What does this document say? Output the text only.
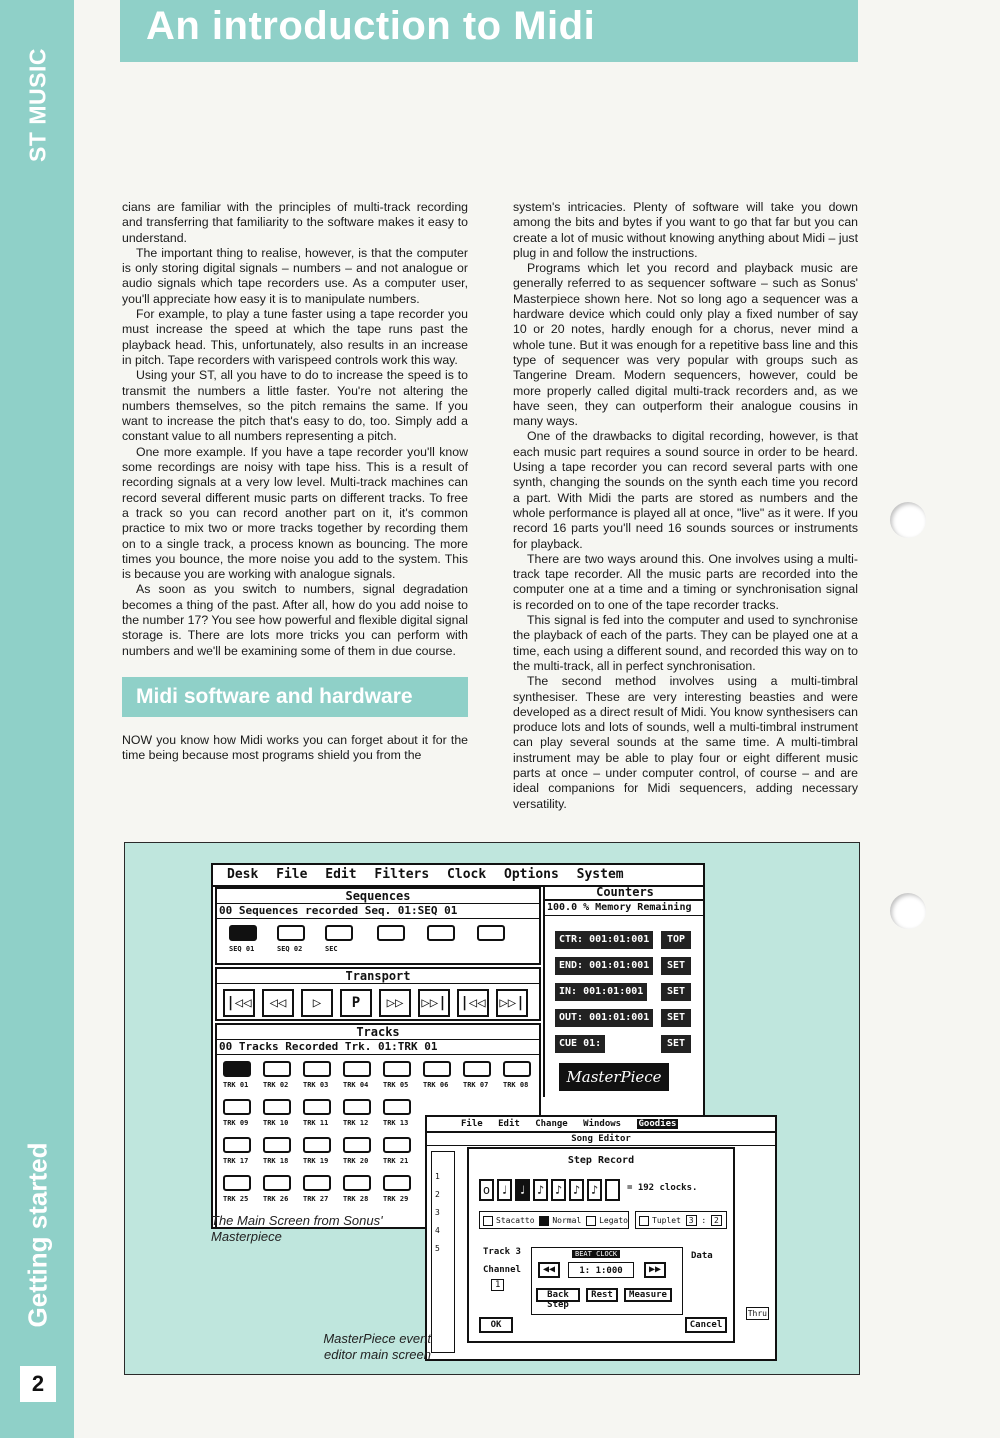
ST MUSIC
Getting started
2
An introduction to Midi

cians are familiar with the principles of multi-track recording and transferring that familiarity to the software makes it easy to understand.

The important thing to realise, however, is that the computer is only storing digital signals – numbers – and not analogue or audio signals which tape recorders use. As a computer user, you'll appreciate how easy it is to manipulate numbers.

For example, to play a tune faster using a tape recorder you must increase the speed at which the tape runs past the playback head. This, unfortunately, also results in an increase in pitch. Tape recorders with varispeed controls work this way.

Using your ST, all you have to do to increase the speed is to transmit the numbers a little faster. You're not altering the numbers themselves, so the pitch remains the same. If you want to increase the pitch that's easy to do, too. Simply add a constant value to all numbers representing a pitch.

One more example. If you have a tape recorder you'll know some recordings are noisy with tape hiss. This is a result of recording signals at a very low level. Multi-track machines can record several different music parts on different tracks. To free a track so you can record another part on it, it's common practice to mix two or more tracks together by recording them on to a single track, a process known as bouncing. The more times you bounce, the more noise you add to the system. This is because you are working with analogue signals.

As soon as you switch to numbers, signal degradation becomes a thing of the past. After all, how do you add noise to the number 17? You see how powerful and flexible digital signal storage is. There are lots more tricks you can perform with numbers and we'll be examining some of them in due course.

Midi software and hardware

NOW you know how Midi works you can forget about it for the time being because most programs shield you from the

system's intricacies. Plenty of software will take you down among the bits and bytes if you want to go that far but you can create a lot of music without knowing anything about Midi – just plug in and follow the instructions.

Programs which let you record and playback music are generally referred to as sequencer software – such as Sonus' Masterpiece shown here. Not so long ago a sequencer was a hardware device which could only play a fixed number of say 10 or 20 notes, hardly enough for a chorus, never mind a whole tune. But it was enough for a repetitive bass line and this type of sequencer was very popular with groups such as Tangerine Dream. Modern sequencers, however, could be more properly called digital multi-track recorders and, as we have seen, they can outperform their analogue cousins in many ways.

One of the drawbacks to digital recording, however, is that each music part requires a sound source in order to be heard. Using a tape recorder you can record several parts with one synth, changing the sounds on the synth each time you record a part. With Midi the parts are stored as numbers and the whole performance is played all at once, "live" as it were. If you record 16 parts you'll need 16 sounds sources or instruments for playback.

There are two ways around this. One involves using a multi-track tape recorder. All the music parts are recorded into the computer one at a time and a timing or synchronisation signal is recorded on to one of the tape recorder tracks.

This signal is fed into the computer and used to synchronise the playback of each of the parts. They can be played one at a time, each using a different sound, and recorded this way on to the multi-track, all in perfect synchronisation.

The second method involves using a multi-timbral synthesiser. These are very interesting beasties and were developed as a direct result of Midi. You know synthesisers can produce lots and lots of sounds, well a multi-timbral instrument can play several sounds at the same time. A multi-timbral instrument may be able to play four or eight different music parts at once – under computer control, of course – and are ideal companions for Midi sequencers, adding necessary versatility.

Desk File Edit Filters Clock Options System
Sequences
00 Sequences recorded Seq. 01:SEQ 01
SEQ 01	SEQ 02	SEC
Transport
|◁◁	◁◁	▷	P	▷▷	▷▷| |◁◁ ▷▷|
Tracks
00 Tracks Recorded Trk. 01:TRK 01
TRK 01 TRK 02 TRK 03 TRK 04 TRK 05 TRK 06 TRK 07 TRK 08
TRK 09 TRK 10 TRK 11 TRK 12 TRK 13
TRK 17 TRK 18 TRK 19 TRK 20 TRK 21
TRK 25 TRK 26 TRK 27 TRK 28 TRK 29
Counters
100.0 % Memory Remaining
CTR: 001:01:001	TOP
END: 001:01:001	SET
IN: 001:01:001	SET
OUT: 001:01:001	SET
CUE 01:	SET
MasterPiece
File Edit Change Windows Goodies
Song Editor
1
2
3
4
5
Thru
Step Record
o ♩ ♩ ♪ ♪ ♪ ♪	= 192 clocks.
Stacatto Normal Legato	Tuplet 3 : 2
Track 3
Channel
1
BEAT CLOCK
◀◀	1: 1:000	▶▶
Back Step
Rest	Measure
Data
OK	Cancel
The Main Screen from Sonus' Masterpiece
MasterPiece event editor main screen
